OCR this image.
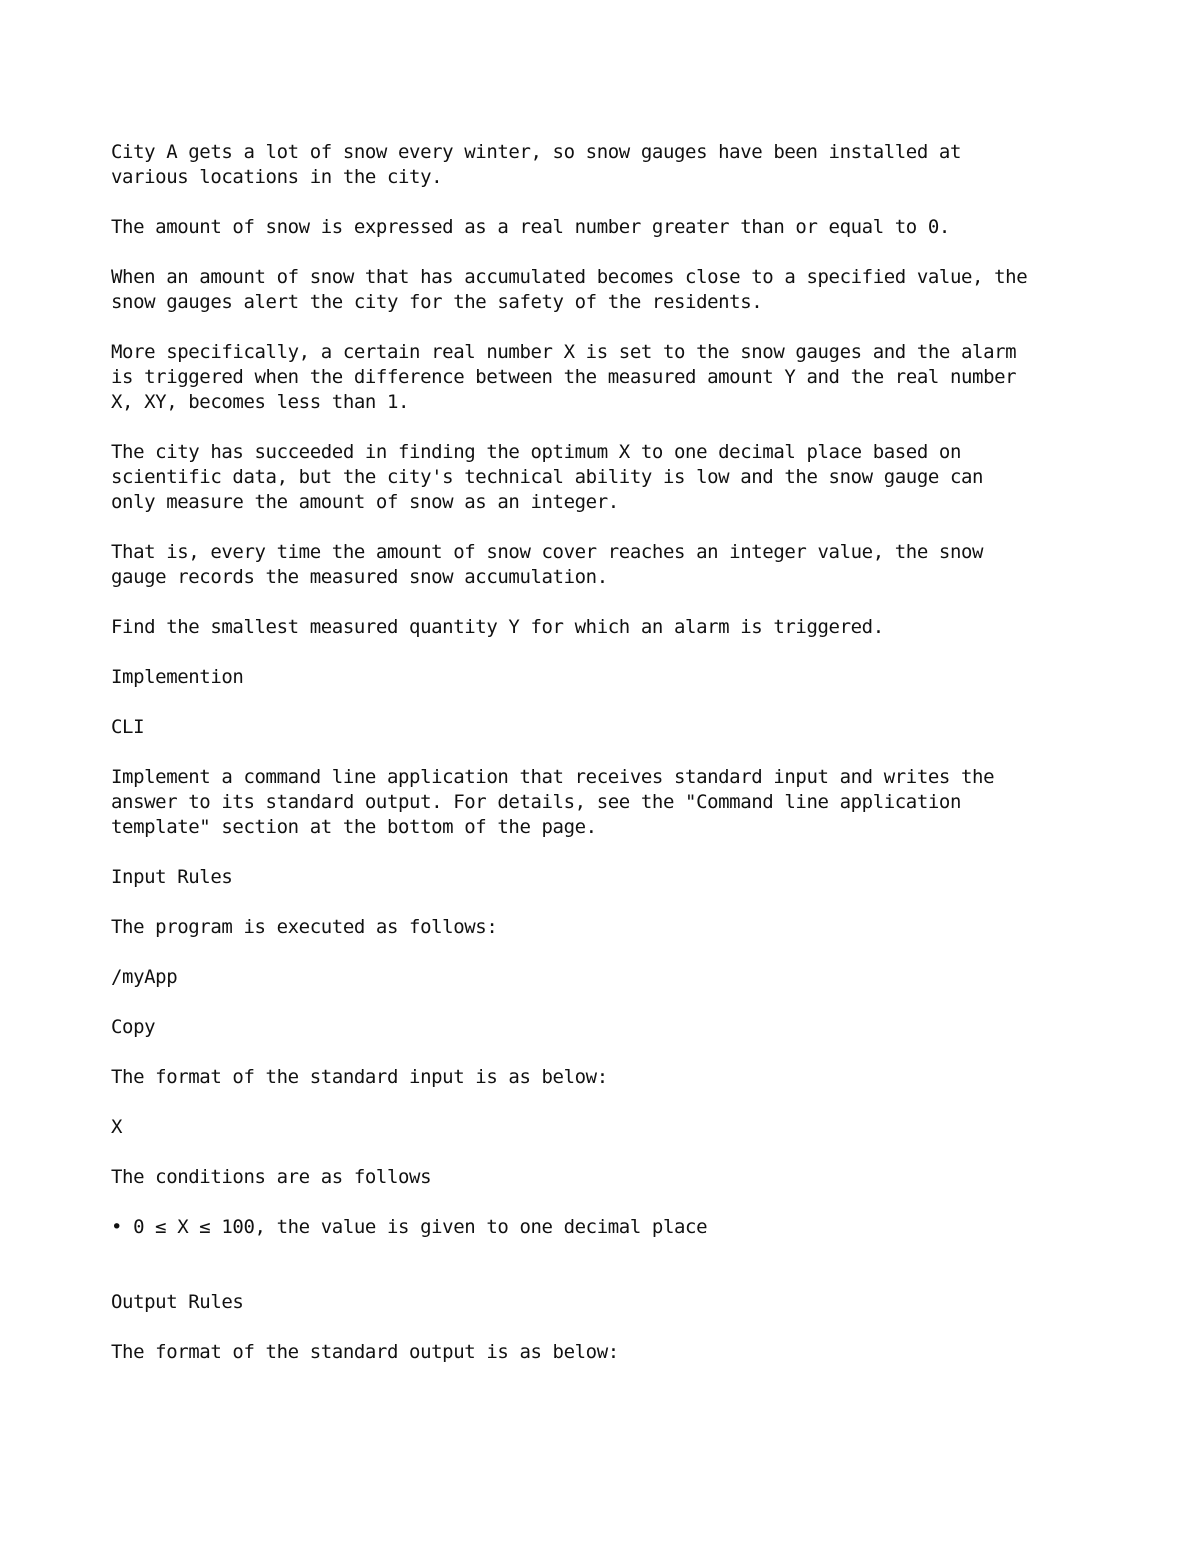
City A gets a lot of snow every winter, so snow gauges have been installed at
various locations in the city.

The amount of snow is expressed as a real number greater than or equal to 0.

When an amount of snow that has accumulated becomes close to a specified value, the
snow gauges alert the city for the safety of the residents.

More specifically, a certain real number X is set to the snow gauges and the alarm
is triggered when the difference between the measured amount Y and the real number
X, XY, becomes less than 1.

The city has succeeded in finding the optimum X to one decimal place based on
scientific data, but the city's technical ability is low and the snow gauge can
only measure the amount of snow as an integer.

That is, every time the amount of snow cover reaches an integer value, the snow
gauge records the measured snow accumulation.

Find the smallest measured quantity Y for which an alarm is triggered.

Implemention

CLI

Implement a command line application that receives standard input and writes the
answer to its standard output. For details, see the "Command line application
template" section at the bottom of the page.

Input Rules

The program is executed as follows:

/myApp

Copy

The format of the standard input is as below:

X

The conditions are as follows

• 0 ≤ X ≤ 100, the value is given to one decimal place

Output Rules

The format of the standard output is as below:
